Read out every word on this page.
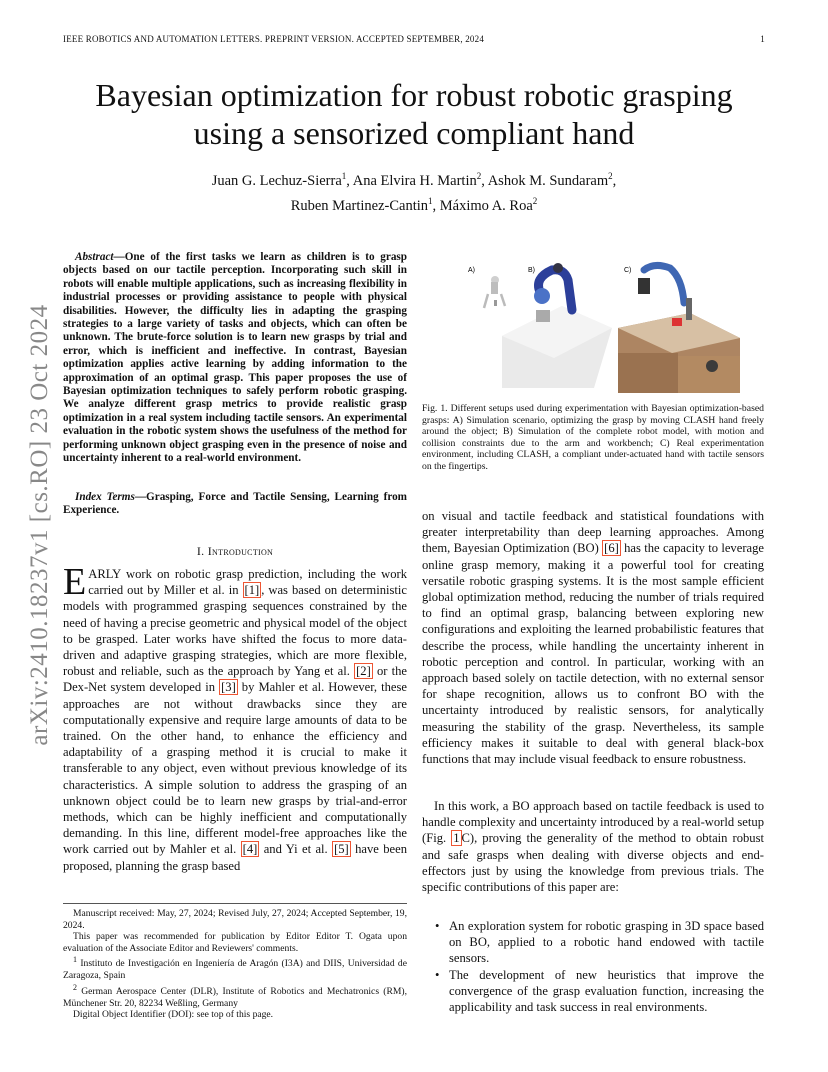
IEEE ROBOTICS AND AUTOMATION LETTERS. PREPRINT VERSION. ACCEPTED SEPTEMBER, 2024	1
arXiv:2410.18237v1 [cs.RO] 23 Oct 2024
Bayesian optimization for robust robotic grasping
using a sensorized compliant hand
Juan G. Lechuz-Sierra$^1$, Ana Elvira H. Martin$^2$, Ashok M. Sundaram$^2$,
Ruben Martinez-Cantin$^1$, Máximo A. Roa$^2$
Abstract—One of the first tasks we learn as children is to grasp objects based on our tactile perception. Incorporating such skill in robots will enable multiple applications, such as increasing flexibility in industrial processes or providing assistance to people with physical disabilities. However, the difficulty lies in adapting the grasping strategies to a large variety of tasks and objects, which can often be unknown. The brute-force solution is to learn new grasps by trial and error, which is inefficient and ineffective. In contrast, Bayesian optimization applies active learning by adding information to the approximation of an optimal grasp. This paper proposes the use of Bayesian optimization techniques to safely perform robotic grasping. We analyze different grasp metrics to provide realistic grasp optimization in a real system including tactile sensors. An experimental evaluation in the robotic system shows the usefulness of the method for performing unknown object grasping even in the presence of noise and uncertainty inherent to a real-world environment.
Index Terms—Grasping, Force and Tactile Sensing, Learning from Experience.
I. Introduction
EARLY work on robotic grasp prediction, including the work carried out by Miller et al. in [1] , was based on deterministic models with programmed grasping sequences constrained by the need of having a precise geometric and physical model of the object to be grasped. Later works have shifted the focus to more data-driven and adaptive grasping strategies, which are more flexible, robust and reliable, such as the approach by Yang et al. [2] or the Dex-Net system developed in [3] by Mahler et al. However, these approaches are not without drawbacks since they are computationally expensive and require large amounts of data to be trained. On the other hand, to enhance the efficiency and adaptability of a grasping method it is crucial to make it transferable to any object, even without previous knowledge of its characteristics. A simple solution to address the grasping of an unknown object could be to learn new grasps by trial-and-error methods, which can be highly inefficient and computationally demanding. In this line, different model-free approaches like the work carried out by Mahler et al. [4] and Yi et al. [5] have been proposed, planning the grasp based
Manuscript received: May, 27, 2024; Revised July, 27, 2024; Accepted September, 19, 2024.
This paper was recommended for publication by Editor Editor T. Ogata upon evaluation of the Associate Editor and Reviewers' comments.
$^1$ Instituto de Investigación en Ingeniería de Aragón (I3A) and DIIS, Universidad de Zaragoza, Spain
$^2$ German Aerospace Center (DLR), Institute of Robotics and Mechatronics (RM), Münchener Str. 20, 82234 Weßling, Germany
Digital Object Identifier (DOI): see top of this page.
A)	B)	C)
Fig. 1. Different setups used during experimentation with Bayesian optimization-based grasps: A) Simulation scenario, optimizing the grasp by moving CLASH hand freely around the object; B) Simulation of the complete robot model, with motion and collision constraints due to the arm and workbench; C) Real experimentation environment, including CLASH, a compliant under-actuated hand with tactile sensors on the fingertips.
on visual and tactile feedback and statistical foundations with greater interpretability than deep learning approaches. Among them, Bayesian Optimization (BO) [6] has the capacity to leverage online grasp memory, making it a powerful tool for creating versatile robotic grasping systems. It is the most sample efficient global optimization method, reducing the number of trials required to find an optimal grasp, balancing between exploring new configurations and exploiting the learned probabilistic features that describe the process, while handling the uncertainty inherent in robotic perception and control. In particular, working with an approach based solely on tactile detection, with no external sensor for shape recognition, allows us to confront BO with the uncertainty introduced by realistic sensors, for analytically measuring the stability of the grasp. Nevertheless, its sample efficiency makes it suitable to deal with general black-box functions that may include visual feedback to ensure robustness.
In this work, a BO approach based on tactile feedback is used to handle complexity and uncertainty introduced by a real-world setup (Fig. 1 C), proving the generality of the method to obtain robust and safe grasps when dealing with diverse objects and end-effectors just by using the knowledge from previous trials. The specific contributions of this paper are:
• An exploration system for robotic grasping in 3D space based on BO, applied to a robotic hand endowed with tactile sensors.
• The development of new heuristics that improve the convergence of the grasp evaluation function, increasing the applicability and task success in real environments.
